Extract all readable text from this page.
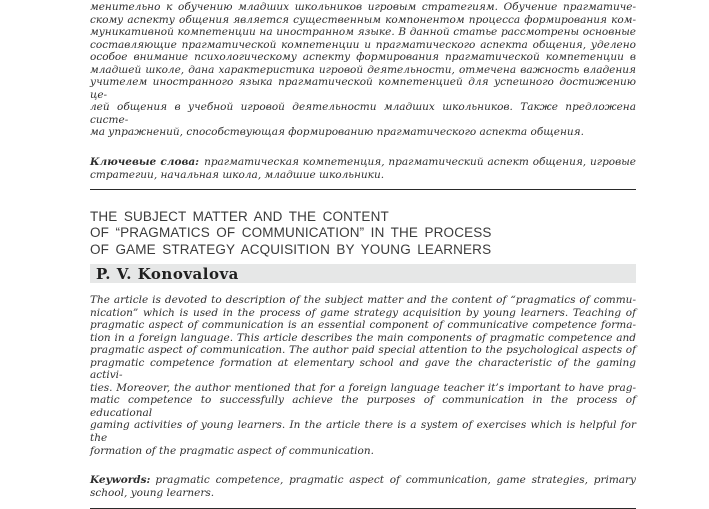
менительно к обучению младших школьников игровым стратегиям. Обучение прагматиче-
скому аспекту общения является существенным компонентом процесса формирования ком-
муникативной компетенции на иностранном языке. В данной статье рассмотрены основные
составляющие прагматической компетенции и прагматического аспекта общения, уделено
особое внимание психологическому аспекту формирования прагматической компетенции в
младшей школе, дана характеристика игровой деятельности, отмечена важность владения
учителем иностранного языка прагматической компетенцией для успешного достижению це-
лей общения в учебной игровой деятельности младших школьников. Также предложена систе-
ма упражнений, способствующая формированию прагматического аспекта общения.
Ключевые слова: прагматическая компетенция, прагматический аспект общения, игровые
стратегии, начальная школа, младшие школьники.
THE SUBJECT MATTER AND THE CONTENT
OF “PRAGMATICS OF COMMUNICATION” IN THE PROCESS
OF GAME STRATEGY ACQUISITION BY YOUNG LEARNERS
P. V. Konovalova
The article is devoted to description of the subject matter and the content of “pragmatics of commu-
nication” which is used in the process of game strategy acquisition by young learners. Teaching of
pragmatic aspect of communication is an essential component of communicative competence forma-
tion in a foreign language. This article describes the main components of pragmatic competence and
pragmatic aspect of communication. The author paid special attention to the psychological aspects of
pragmatic competence formation at elementary school and gave the characteristic of the gaming activi-
ties. Moreover, the author mentioned that for a foreign language teacher it’s important to have prag-
matic competence to successfully achieve the purposes of communication in the process of educational
gaming activities of young learners. In the article there is a system of exercises which is helpful for the
formation of the pragmatic aspect of communication.
Keywords: pragmatic competence, pragmatic aspect of communication, game strategies, primary
school, young learners.
